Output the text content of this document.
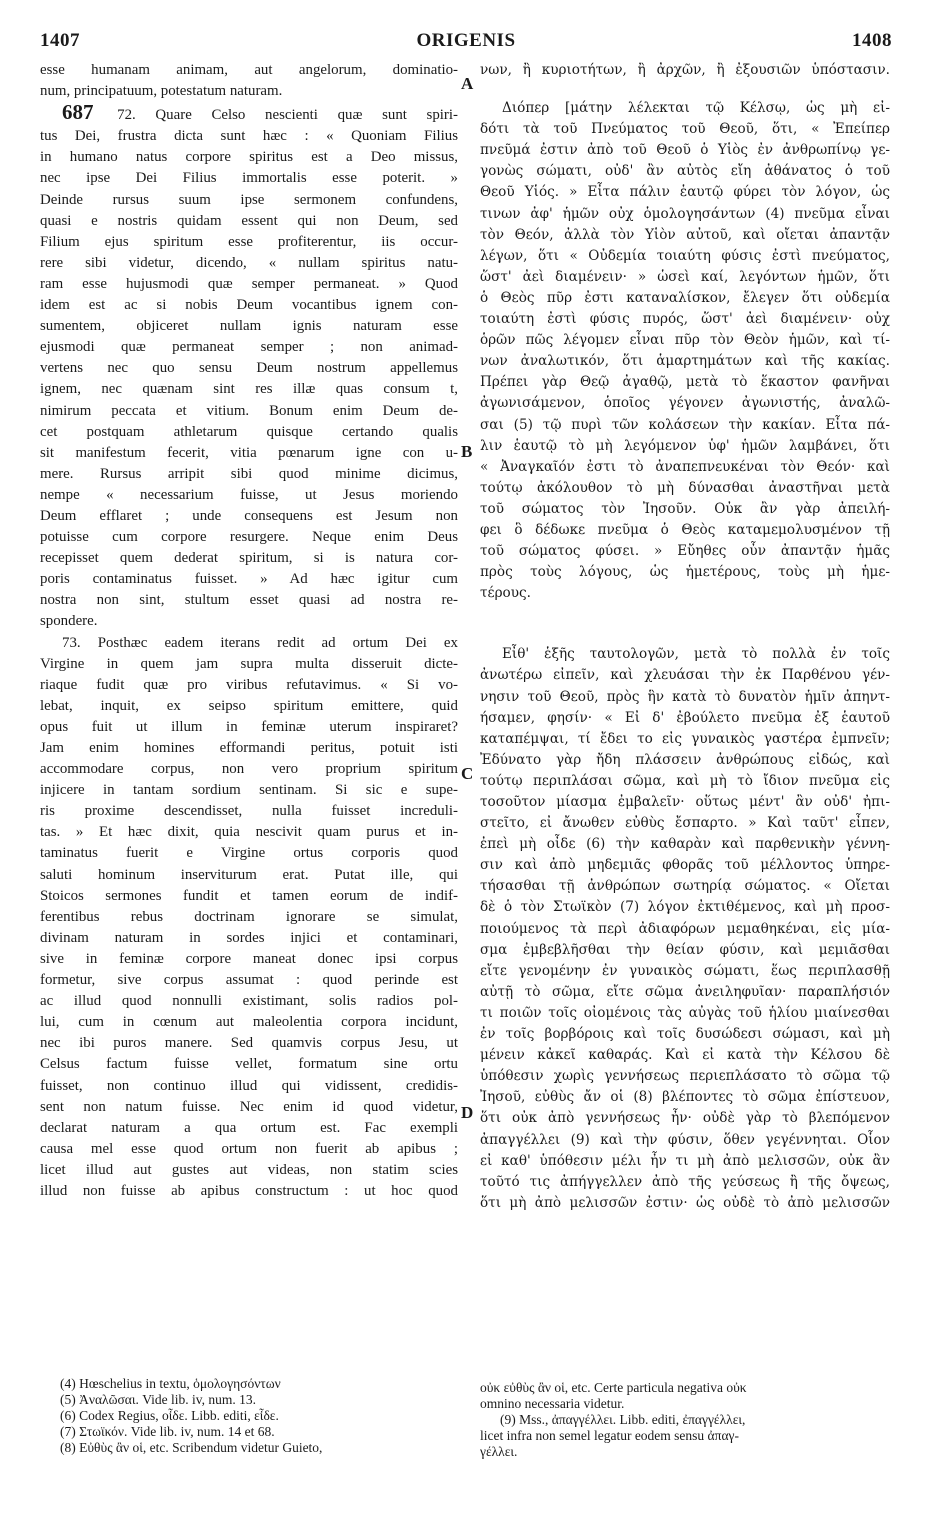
1407	ORIGENIS	1408
A
B
C
D
esse humanam animam, aut angelorum, dominatio-
num, principatuum, potestatum naturam.
687 72. Quare Celso nescienti quæ sunt spiri-
tus Dei, frustra dicta sunt hæc : « Quoniam Filius
in humano natus corpore spiritus est a Deo missus,
nec ipse Dei Filius immortalis esse poterit. »
Deinde rursus suum ipse sermonem confundens,
quasi e nostris quidam essent qui non Deum, sed
Filium ejus spiritum esse profiterentur, iis occur-
rere sibi videtur, dicendo, « nullam spiritus natu-
ram esse hujusmodi quæ semper permaneat. » Quod
idem est ac si nobis Deum vocantibus ignem con-
sumentem, objiceret nullam ignis naturam esse
ejusmodi quæ permaneat semper ; non animad-
vertens nec quo sensu Deum nostrum appellemus
ignem, nec quænam sint res illæ quas consum t,
nimirum peccata et vitium. Bonum enim Deum de-
cet postquam athletarum quisque certando qualis
sit manifestum fecerit, vitia pœnarum igne con u-
mere. Rursus arripit sibi quod minime dicimus,
nempe « necessarium fuisse, ut Jesus moriendo
Deum efflaret ; unde consequens est Jesum non
potuisse cum corpore resurgere. Neque enim Deus
recepisset quem dederat spiritum, si is natura cor-
poris contaminatus fuisset. » Ad hæc igitur cum
nostra non sint, stultum esset quasi ad nostra re-
spondere.
73. Posthæc eadem iterans redit ad ortum Dei ex
Virgine in quem jam supra multa disseruit dicte-
riaque fudit quæ pro viribus refutavimus. « Si vo-
lebat, inquit, ex seipso spiritum emittere, quid
opus fuit ut illum in feminæ uterum inspiraret?
Jam enim homines efformandi peritus, potuit isti
accommodare corpus, non vero proprium spiritum
injicere in tantam sordium sentinam. Si sic e supe-
ris proxime descendisset, nulla fuisset increduli-
tas. » Et hæc dixit, quia nescivit quam purus et in-
taminatus fuerit e Virgine ortus corporis quod
saluti hominum inserviturum erat. Putat ille, qui
Stoicos sermones fundit et tamen eorum de indif-
ferentibus rebus doctrinam ignorare se simulat,
divinam naturam in sordes injici et contaminari,
sive in feminæ corpore maneat donec ipsi corpus
formetur, sive corpus assumat : quod perinde est
ac illud quod nonnulli existimant, solis radios pol-
lui, cum in cœnum aut maleolentia corpora incidunt,
nec ibi puros manere. Sed quamvis corpus Jesu, ut
Celsus factum fuisse vellet, formatum sine ortu
fuisset, non continuo illud qui vidissent, credidis-
sent non natum fuisse. Nec enim id quod videtur,
declarat naturam a qua ortum est. Fac exempli
causa mel esse quod ortum non fuerit ab apibus ;
licet illud aut gustes aut videas, non statim scies
illud non fuisse ab apibus constructum : ut hoc quod
νων, ἢ κυριοτήτων, ἢ ἀρχῶν, ἢ ἐξουσιῶν ὑπόστασιν.
Διόπερ [μάτην λέλεκται τῷ Κέλσῳ, ὡς μὴ εἰ-
δότι τὰ τοῦ Πνεύματος τοῦ Θεοῦ, ὅτι, « Ἐπείπερ
πνεῦμά ἐστιν ἀπὸ τοῦ Θεοῦ ὁ Υἱὸς ἐν ἀνθρωπίνῳ γε-
γονὼς σώματι, οὐδ' ἂν αὐτὸς εἴη ἀθάνατος ὁ τοῦ
Θεοῦ Υἱός. » Εἶτα πάλιν ἑαυτῷ φύρει τὸν λόγον, ὡς
τινων ἀφ' ἡμῶν οὐχ ὁμολογησάντων (4) πνεῦμα εἶναι
τὸν Θεόν, ἀλλὰ τὸν Υἱὸν αὐτοῦ, καὶ οἴεται ἀπαντᾷν
λέγων, ὅτι « Οὐδεμία τοιαύτη φύσις ἐστὶ πνεύματος,
ὥστ' ἀεὶ διαμένειν· » ὡσεὶ καί, λεγόντων ἡμῶν, ὅτι
ὁ Θεὸς πῦρ ἐστι καταναλίσκον, ἔλεγεν ὅτι οὐδεμία
τοιαύτη ἐστὶ φύσις πυρός, ὥστ' ἀεὶ διαμένειν· οὐχ
ὁρῶν πῶς λέγομεν εἶναι πῦρ τὸν Θεὸν ἡμῶν, καὶ τί-
νων ἀναλωτικόν, ὅτι ἁμαρτημάτων καὶ τῆς κακίας.
Πρέπει γὰρ Θεῷ ἀγαθῷ, μετὰ τὸ ἕκαστον φανῆναι
ἀγωνισάμενον, ὁποῖος γέγονεν ἀγωνιστής, ἀναλῶ-
σαι (5) τῷ πυρὶ τῶν κολάσεων τὴν κακίαν. Εἶτα πά-
λιν ἑαυτῷ τὸ μὴ λεγόμενον ὑφ' ἡμῶν λαμβάνει, ὅτι
« Ἀναγκαῖόν ἐστι τὸ ἀναπεπνευκέναι τὸν Θεόν· καὶ
τούτῳ ἀκόλουθον τὸ μὴ δύνασθαι ἀναστῆναι μετὰ
τοῦ σώματος τὸν Ἰησοῦν. Οὐκ ἂν γὰρ ἀπειλή-
φει ὃ δέδωκε πνεῦμα ὁ Θεὸς καταμεμολυσμένον τῇ
τοῦ σώματος φύσει. » Εὔηθες οὖν ἀπαντᾷν ἡμᾶς
πρὸς τοὺς λόγους, ὡς ἡμετέρους, τοὺς μὴ ἡμε-
τέρους.
Εἶθ' ἑξῆς ταυτολογῶν, μετὰ τὸ πολλὰ ἐν τοῖς
ἀνωτέρω εἰπεῖν, καὶ χλευάσαι τὴν ἐκ Παρθένου γέν-
νησιν τοῦ Θεοῦ, πρὸς ἣν κατὰ τὸ δυνατὸν ἡμῖν ἀπηντ-
ήσαμεν, φησίν· « Εἰ δ' ἐβούλετο πνεῦμα ἐξ ἑαυτοῦ
καταπέμψαι, τί ἔδει το εἰς γυναικὸς γαστέρα ἐμπνεῖν;
Ἐδύνατο γὰρ ἤδη πλάσσειν ἀνθρώπους εἰδώς, καὶ
τούτῳ περιπλάσαι σῶμα, καὶ μὴ τὸ ἴδιον πνεῦμα εἰς
τοσοῦτον μίασμα ἐμβαλεῖν· οὕτως μέντ' ἂν οὐδ' ἠπι-
στεῖτο, εἰ ἄνωθεν εὐθὺς ἔσπαρτο. » Καὶ ταῦτ' εἶπεν,
ἐπεὶ μὴ οἶδε (6) τὴν καθαρὰν καὶ παρθενικὴν γέννη-
σιν καὶ ἀπὸ μηδεμιᾶς φθορᾶς τοῦ μέλλοντος ὑπηρε-
τήσασθαι τῇ ἀνθρώπων σωτηρίᾳ σώματος. « Οἴεται
δὲ ὁ τὸν Στωϊκὸν (7) λόγον ἐκτιθέμενος, καὶ μὴ προσ-
ποιούμενος τὰ περὶ ἀδιαφόρων μεμαθηκέναι, εἰς μία-
σμα ἐμβεβλῆσθαι τὴν θείαν φύσιν, καὶ μεμιᾶσθαι
εἴτε γενομένην ἐν γυναικὸς σώματι, ἕως περιπλασθῇ
αὐτῇ τὸ σῶμα, εἴτε σῶμα ἀνειληφυῖαν· παραπλήσιόν
τι ποιῶν τοῖς οἰομένοις τὰς αὐγὰς τοῦ ἡλίου μιαίνεσθαι
ἐν τοῖς βορβόροις καὶ τοῖς δυσώδεσι σώμασι, καὶ μὴ
μένειν κἀκεῖ καθαράς. Καὶ εἰ κατὰ τὴν Κέλσου δὲ
ὑπόθεσιν χωρὶς γεννήσεως περιεπλάσατο τὸ σῶμα τῷ
Ἰησοῦ, εὐθὺς ἄν οἱ (8) βλέποντες τὸ σῶμα ἐπίστευον,
ὅτι οὐκ ἀπὸ γεννήσεως ἦν· οὐδὲ γὰρ τὸ βλεπόμενον
ἀπαγγέλλει (9) καὶ τὴν φύσιν, ὅθεν γεγέννηται. Οἷον
εἰ καθ' ὑπόθεσιν μέλι ἦν τι μὴ ἀπὸ μελισσῶν, οὐκ ἂν
τοῦτό τις ἀπήγγελλεν ἀπὸ τῆς γεύσεως ἢ τῆς ὄψεως,
ὅτι μὴ ἀπὸ μελισσῶν ἐστιν· ὡς οὐδὲ τὸ ἀπὸ μελισσῶν
(4) Hœschelius in textu, ὁμολογησόντων
(5) Ἀναλῶσαι. Vide lib. iv, num. 13.
(6) Codex Regius, οἶδε. Libb. editi, εἶδε.
(7) Στωϊκόν. Vide lib. iv, num. 14 et 68.
(8) Εὐθὺς ἂν οἱ, etc. Scribendum videtur Guieto,
οὐκ εὐθὺς ἂν οἱ, etc. Certe particula negativa οὐκ
omnino necessaria videtur.
(9) Mss., ἀπαγγέλλει. Libb. editi, ἐπαγγέλλει,
licet infra non semel legatur eodem sensu ἀπαγ-
γέλλει.
